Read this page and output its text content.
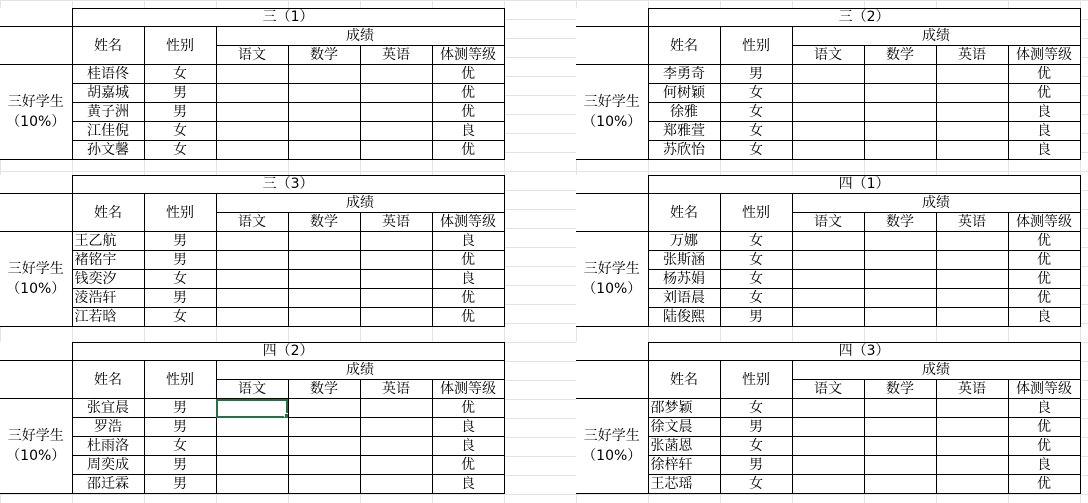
	三（1）					
	姓名	性别	成绩			
			语文	数学	英语	体测等级
三好学生
（10%）	桂语佟	女				优
	胡嘉城	男				优
	黄子洲	男				优
	江佳倪	女				良
	孙文馨	女				优
	三（2）					
	姓名	性别	成绩			
			语文	数学	英语	体测等级
三好学生
（10%）	李勇奇	男				优
	何树颖	女				优
	徐雅	女				良
	郑雅萱	女				良
	苏欣怡	女				良
	三（3）					
	姓名	性别	成绩			
			语文	数学	英语	体测等级
三好学生
（10%）	王乙航	男				良
	褚铭宇	男				优
	钱奕汐	女				良
	淩浩轩	男				优
	江若晗	女				优
	四（1）					
	姓名	性别	成绩			
			语文	数学	英语	体测等级
三好学生
（10%）	万娜	女				优
	张斯涵	女				优
	杨苏娟	女				优
	刘语晨	女				优
	陆俊熙	男				良
	四（2）					
	姓名	性别	成绩			
			语文	数学	英语	体测等级
三好学生
（10%）	张宜晨	男				优
	罗浩	男				良
	杜雨洛	女				良
	周奕成	男				优
	邵迁霖	男				良
	四（3）					
	姓名	性别	成绩			
			语文	数学	英语	体测等级
三好学生
（10%）	邵梦颖	女				良
	徐文晨	男				优
	张菡恩	女				优
	徐梓轩	男				良
	王芯瑶	女				优
